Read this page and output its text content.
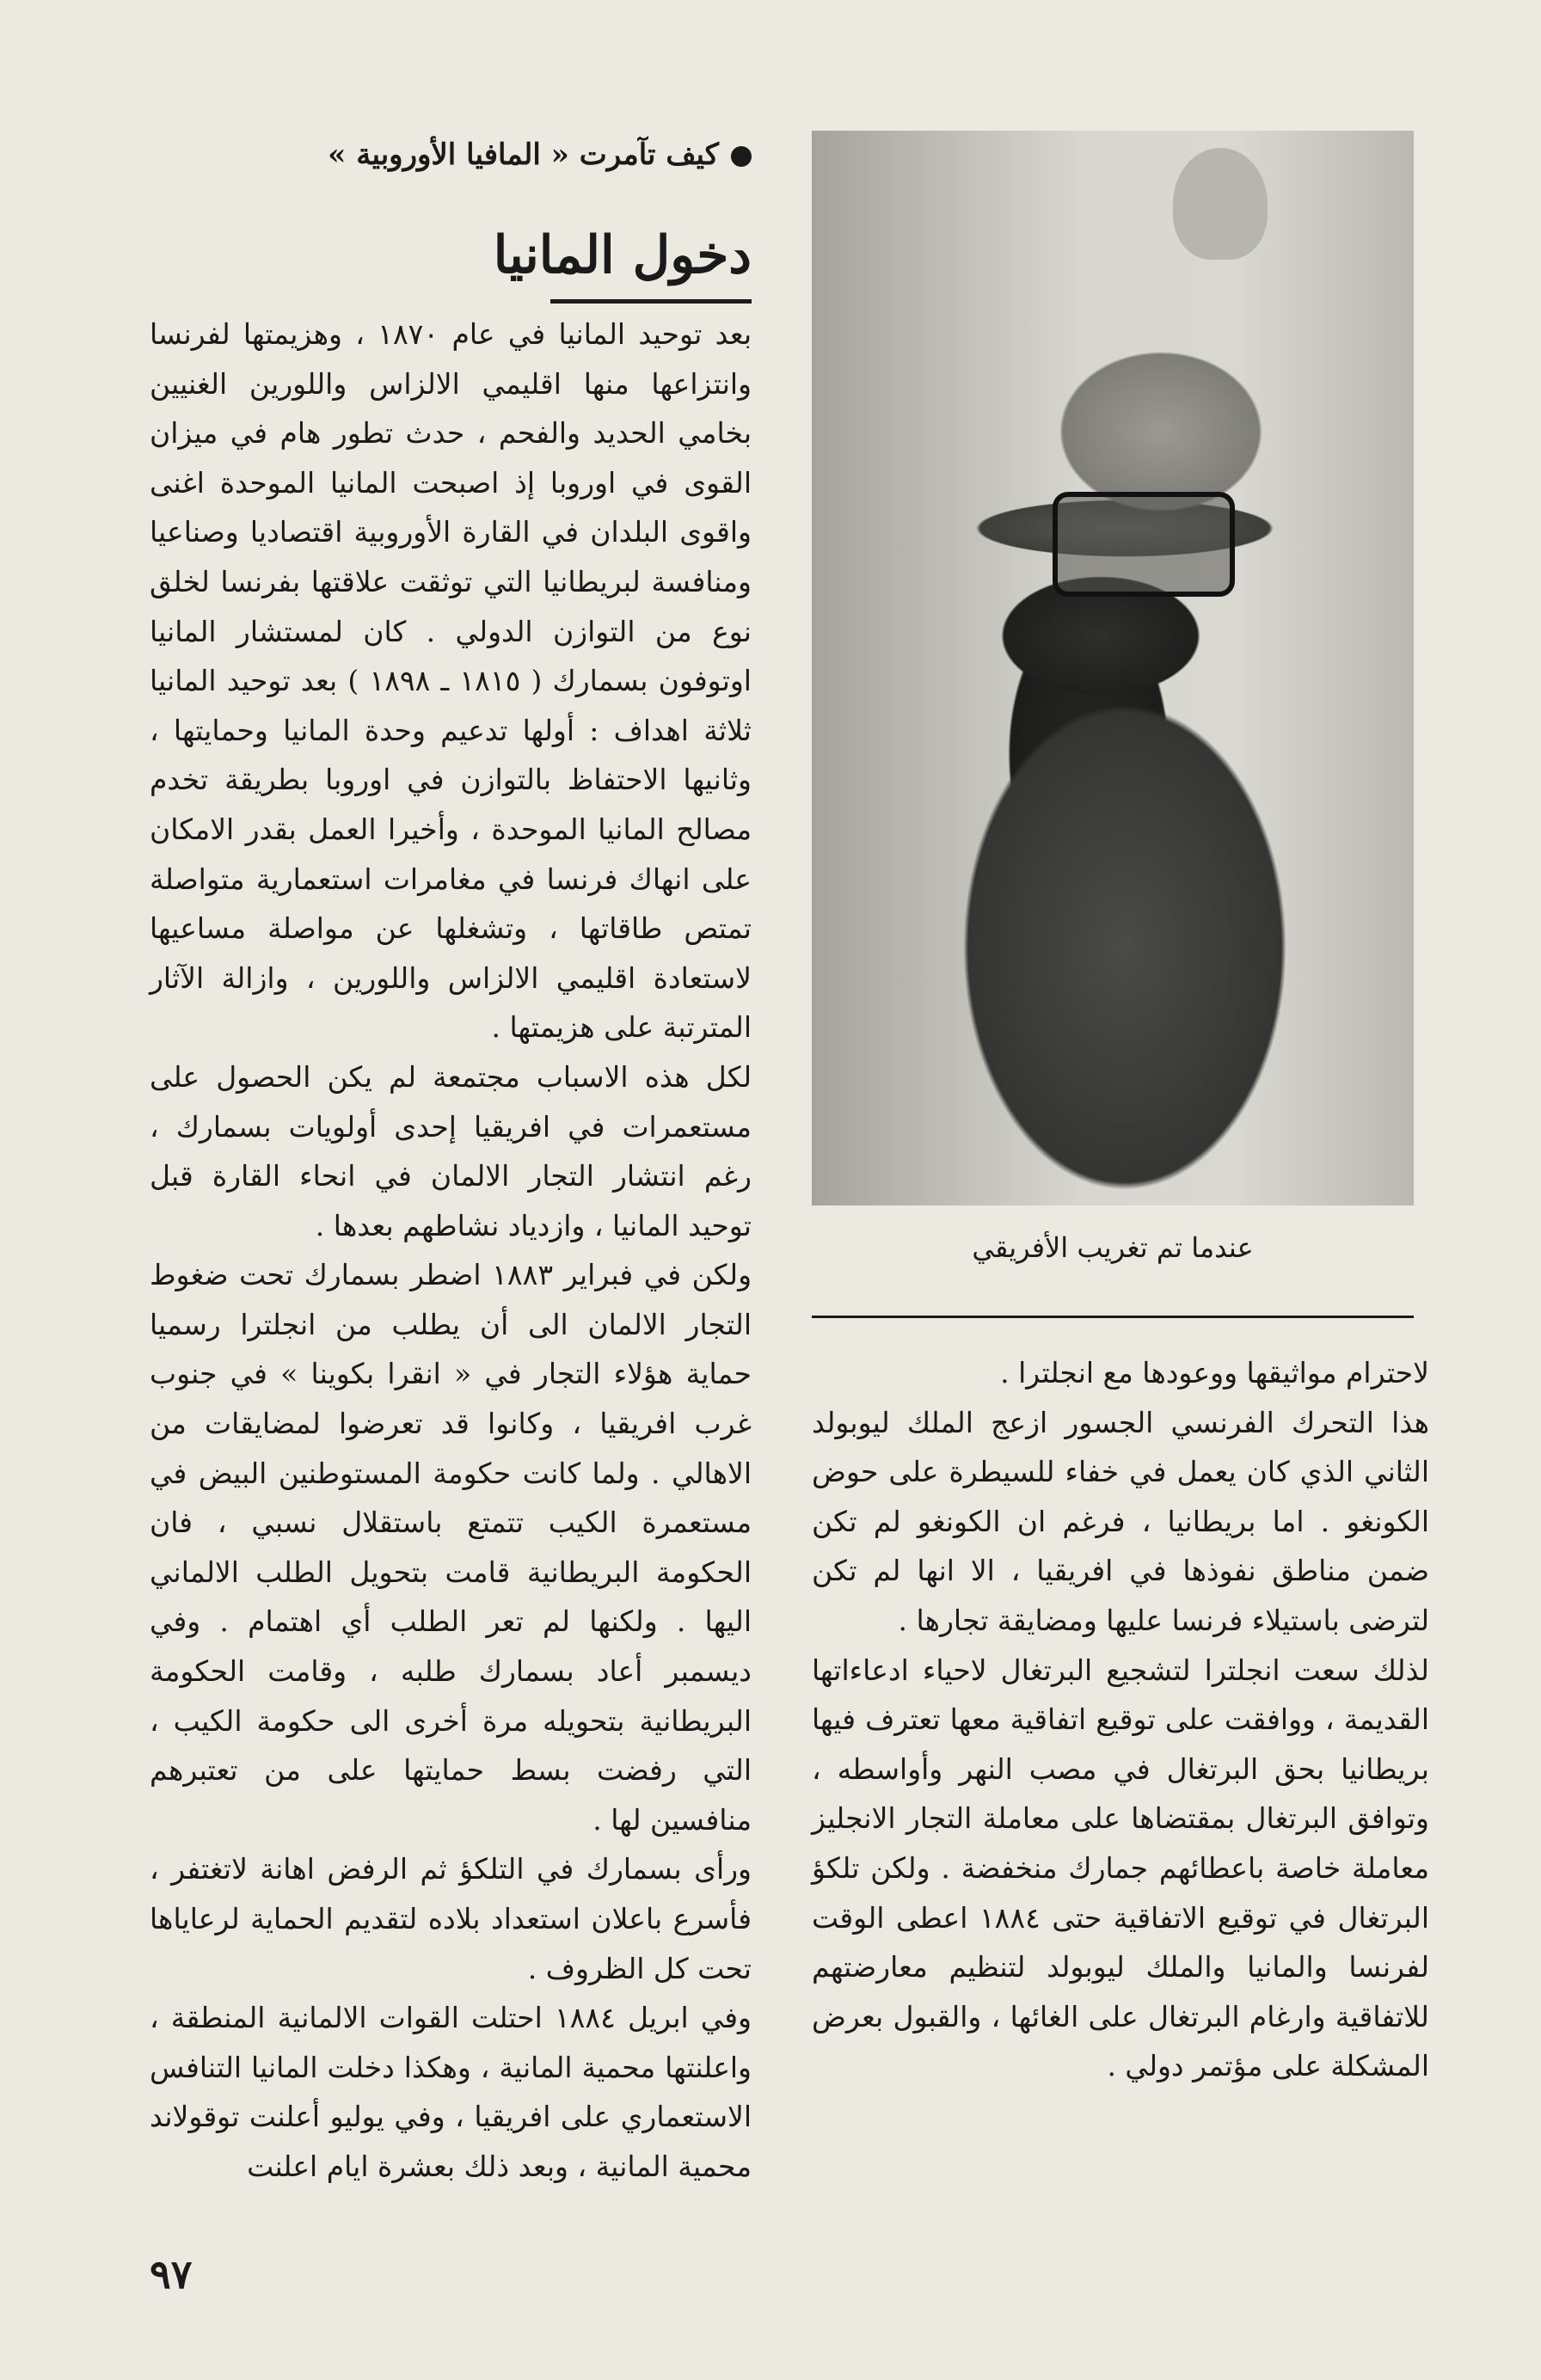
كيف تآمرت « المافيا الأوروبية »
دخول المانيا

بعد توحيد المانيا في عام ١٨٧٠ ، وهزيمتها لفرنسا وانتزاعها منها اقليمي الالزاس واللورين الغنيين بخامي الحديد والفحم ، حدث تطور هام في ميزان القوى في اوروبا إذ اصبحت المانيا الموحدة اغنى واقوى البلدان في القارة الأوروبية اقتصاديا وصناعيا ومنافسة لبريطانيا التي توثقت علاقتها بفرنسا لخلق نوع من التوازن الدولي . كان لمستشار المانيا اوتوفون بسمارك ( ١٨١٥ ـ ١٨٩٨ ) بعد توحيد المانيا ثلاثة اهداف : أولها تدعيم وحدة المانيا وحمايتها ، وثانيها الاحتفاظ بالتوازن في اوروبا بطريقة تخدم مصالح المانيا الموحدة ، وأخيرا العمل بقدر الامكان على انهاك فرنسا في مغامرات استعمارية متواصلة تمتص طاقاتها ، وتشغلها عن مواصلة مساعيها لاستعادة اقليمي الالزاس واللورين ، وازالة الآثار المترتبة على هزيمتها .

لكل هذه الاسباب مجتمعة لم يكن الحصول على مستعمرات في افريقيا إحدى أولويات بسمارك ، رغم انتشار التجار الالمان في انحاء القارة قبل توحيد المانيا ، وازدياد نشاطهم بعدها .

ولكن في فبراير ١٨٨٣ اضطر بسمارك تحت ضغوط التجار الالمان الى أن يطلب من انجلترا رسميا حماية هؤلاء التجار في « انقرا بكوينا » في جنوب غرب افريقيا ، وكانوا قد تعرضوا لمضايقات من الاهالي . ولما كانت حكومة المستوطنين البيض في مستعمرة الكيب تتمتع باستقلال نسبي ، فان الحكومة البريطانية قامت بتحويل الطلب الالماني اليها . ولكنها لم تعر الطلب أي اهتمام . وفي ديسمبر أعاد بسمارك طلبه ، وقامت الحكومة البريطانية بتحويله مرة أخرى الى حكومة الكيب ، التي رفضت بسط حمايتها على من تعتبرهم منافسين لها .

ورأى بسمارك في التلكؤ ثم الرفض اهانة لاتغتفر ، فأسرع باعلان استعداد بلاده لتقديم الحماية لرعاياها تحت كل الظروف .

وفي ابريل ١٨٨٤ احتلت القوات الالمانية المنطقة ، واعلنتها محمية المانية ، وهكذا دخلت المانيا التنافس الاستعماري على افريقيا ، وفي يوليو أعلنت توقولاند محمية المانية ، وبعد ذلك بعشرة ايام اعلنت

عندما تم تغريب الأفريقي

لاحترام مواثيقها ووعودها مع انجلترا .

هذا التحرك الفرنسي الجسور ازعج الملك ليوبولد الثاني الذي كان يعمل في خفاء للسيطرة على حوض الكونغو . اما بريطانيا ، فرغم ان الكونغو لم تكن ضمن مناطق نفوذها في افريقيا ، الا انها لم تكن لترضى باستيلاء فرنسا عليها ومضايقة تجارها .

لذلك سعت انجلترا لتشجيع البرتغال لاحياء ادعاءاتها القديمة ، ووافقت على توقيع اتفاقية معها تعترف فيها بريطانيا بحق البرتغال في مصب النهر وأواسطه ، وتوافق البرتغال بمقتضاها على معاملة التجار الانجليز معاملة خاصة باعطائهم جمارك منخفضة . ولكن تلكؤ البرتغال في توقيع الاتفاقية حتى ١٨٨٤ اعطى الوقت لفرنسا والمانيا والملك ليوبولد لتنظيم معارضتهم للاتفاقية وارغام البرتغال على الغائها ، والقبول بعرض المشكلة على مؤتمر دولي .

٩٧
